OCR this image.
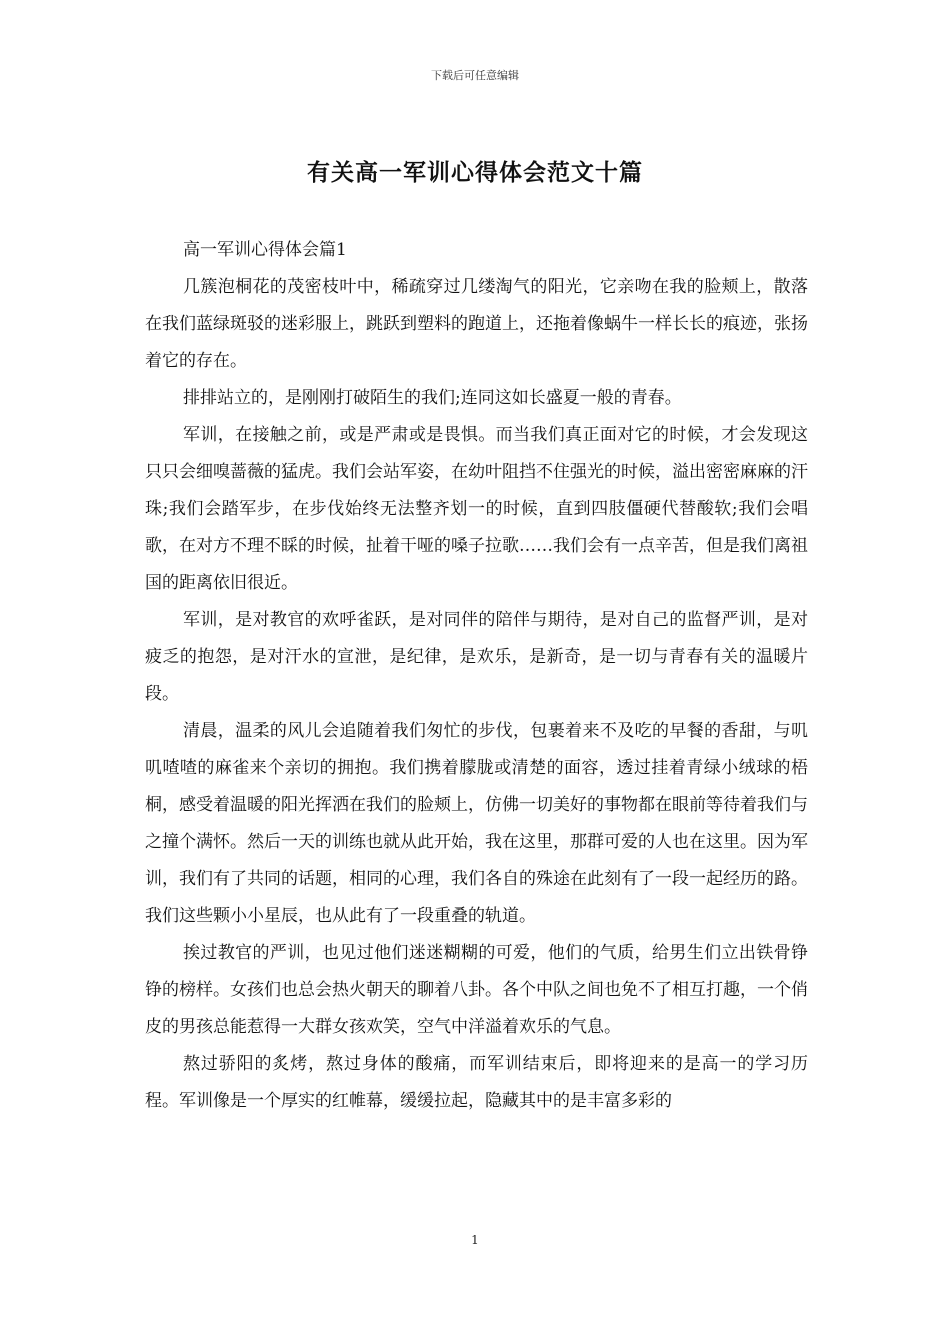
下载后可任意编辑
有关高一军训心得体会范文十篇

高一军训心得体会篇1

几簇泡桐花的茂密枝叶中，稀疏穿过几缕淘气的阳光，它亲吻在我的脸颊上，散落在我们蓝绿斑驳的迷彩服上，跳跃到塑料的跑道上，还拖着像蜗牛一样长长的痕迹，张扬着它的存在。

排排站立的，是刚刚打破陌生的我们;连同这如长盛夏一般的青春。

军训，在接触之前，或是严肃或是畏惧。而当我们真正面对它的时候，才会发现这只只会细嗅蔷薇的猛虎。我们会站军姿，在幼叶阻挡不住强光的时候，溢出密密麻麻的汗珠;我们会踏军步，在步伐始终无法整齐划一的时候，直到四肢僵硬代替酸软;我们会唱歌，在对方不理不睬的时候，扯着干哑的嗓子拉歌……我们会有一点辛苦，但是我们离祖国的距离依旧很近。

军训，是对教官的欢呼雀跃，是对同伴的陪伴与期待，是对自己的监督严训，是对疲乏的抱怨，是对汗水的宣泄，是纪律，是欢乐，是新奇，是一切与青春有关的温暖片段。

清晨，温柔的风儿会追随着我们匆忙的步伐，包裹着来不及吃的早餐的香甜，与叽叽喳喳的麻雀来个亲切的拥抱。我们携着朦胧或清楚的面容，透过挂着青绿小绒球的梧桐，感受着温暖的阳光挥洒在我们的脸颊上，仿佛一切美好的事物都在眼前等待着我们与之撞个满怀。然后一天的训练也就从此开始，我在这里，那群可爱的人也在这里。因为军训，我们有了共同的话题，相同的心理，我们各自的殊途在此刻有了一段一起经历的路。我们这些颗小小星辰，也从此有了一段重叠的轨道。

挨过教官的严训，也见过他们迷迷糊糊的可爱，他们的气质，给男生们立出铁骨铮铮的榜样。女孩们也总会热火朝天的聊着八卦。各个中队之间也免不了相互打趣，一个俏皮的男孩总能惹得一大群女孩欢笑，空气中洋溢着欢乐的气息。

熬过骄阳的炙烤，熬过身体的酸痛，而军训结束后，即将迎来的是高一的学习历程。军训像是一个厚实的红帷幕，缓缓拉起，隐藏其中的是丰富多彩的

1
